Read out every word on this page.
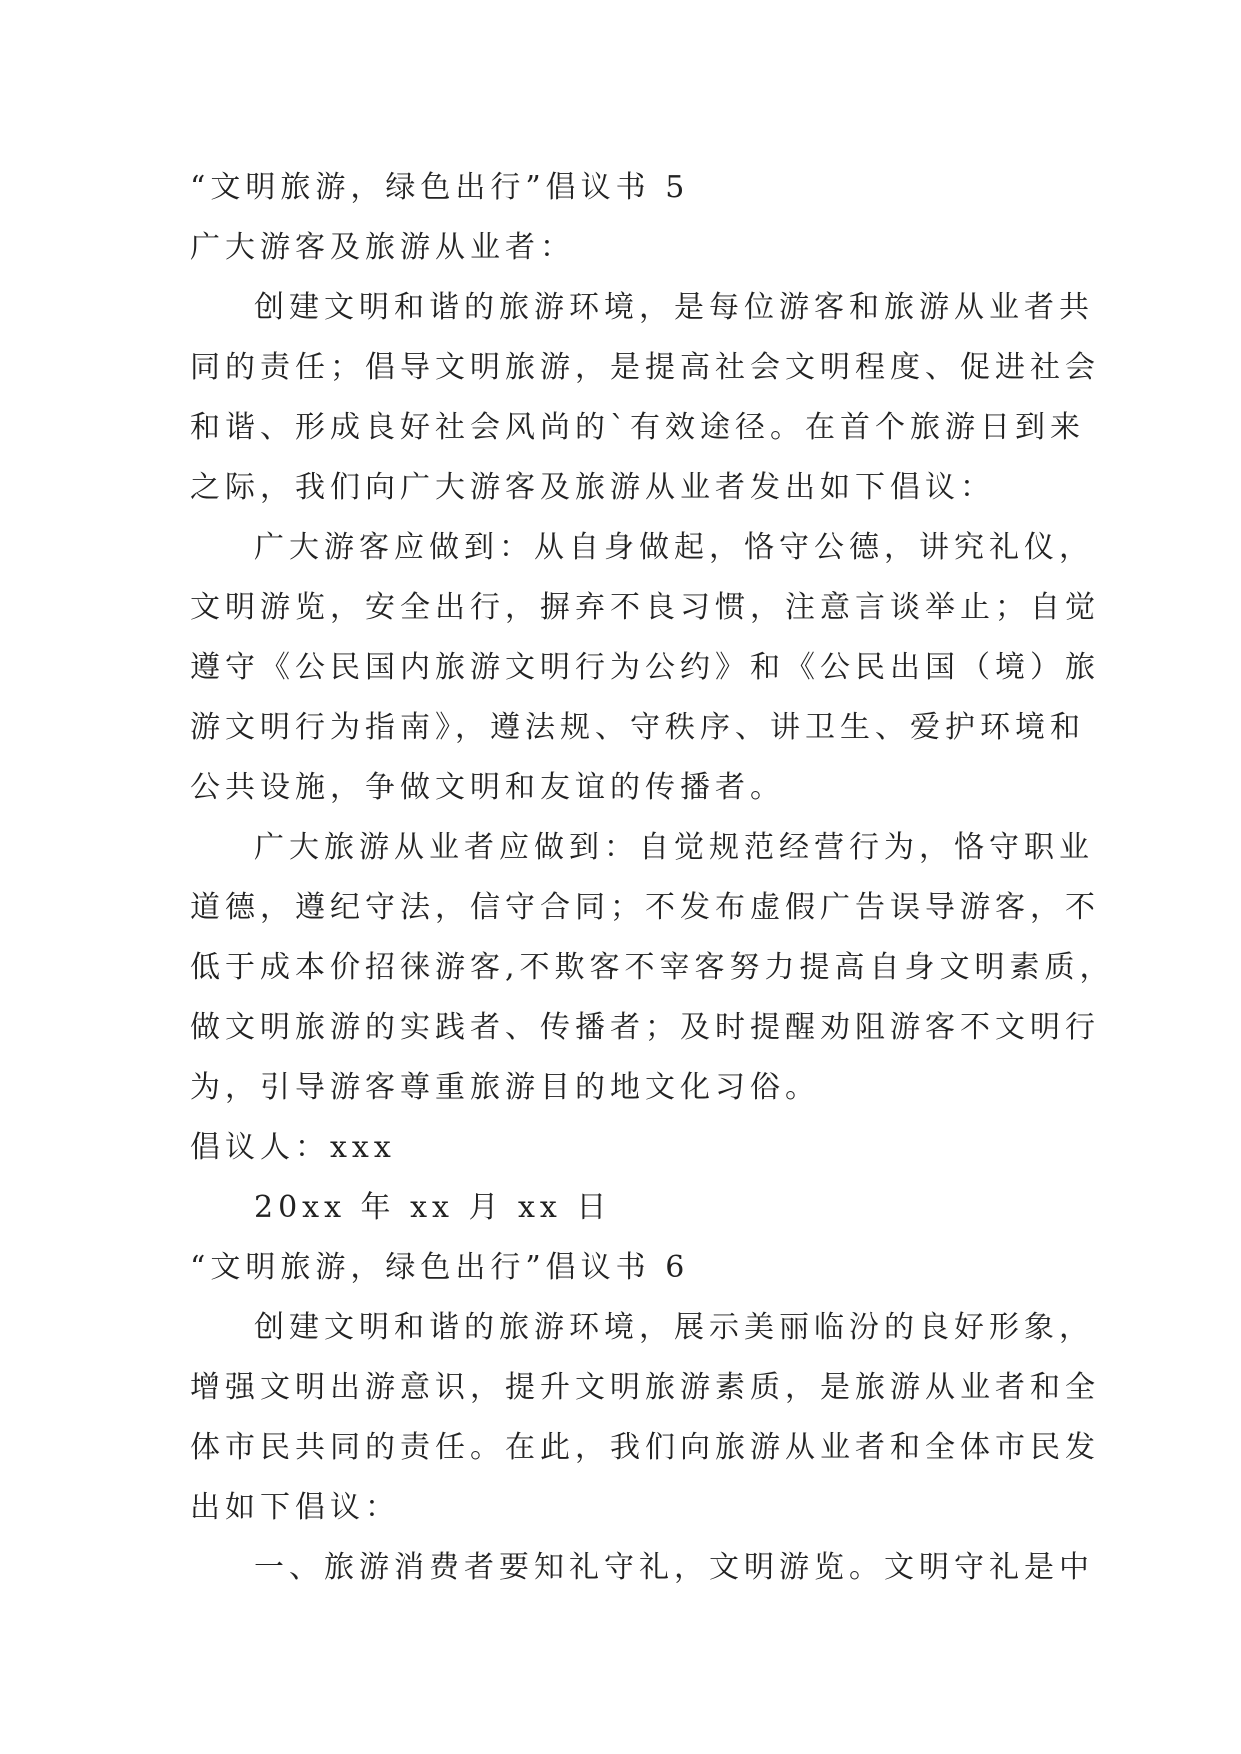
“文明旅游，绿色出行”倡议书 5
广大游客及旅游从业者：
创建文明和谐的旅游环境，是每位游客和旅游从业者共
同的责任；倡导文明旅游，是提高社会文明程度、促进社会
和谐、形成良好社会风尚的`有效途径。在首个旅游日到来
之际，我们向广大游客及旅游从业者发出如下倡议：
广大游客应做到：从自身做起，恪守公德，讲究礼仪，
文明游览，安全出行，摒弃不良习惯，注意言谈举止；自觉
遵守《公民国内旅游文明行为公约》和《公民出国（境）旅
游文明行为指南》，遵法规、守秩序、讲卫生、爱护环境和
公共设施，争做文明和友谊的传播者。
广大旅游从业者应做到：自觉规范经营行为，恪守职业
道德，遵纪守法，信守合同；不发布虚假广告误导游客，不
低于成本价招徕游客,不欺客不宰客努力提高自身文明素质，
做文明旅游的实践者、传播者；及时提醒劝阻游客不文明行
为，引导游客尊重旅游目的地文化习俗。
倡议人：xxx
20xx 年 xx 月 xx 日
“文明旅游，绿色出行”倡议书 6
创建文明和谐的旅游环境，展示美丽临汾的良好形象，
增强文明出游意识，提升文明旅游素质，是旅游从业者和全
体市民共同的责任。在此，我们向旅游从业者和全体市民发
出如下倡议：
一、旅游消费者要知礼守礼，文明游览。文明守礼是中
